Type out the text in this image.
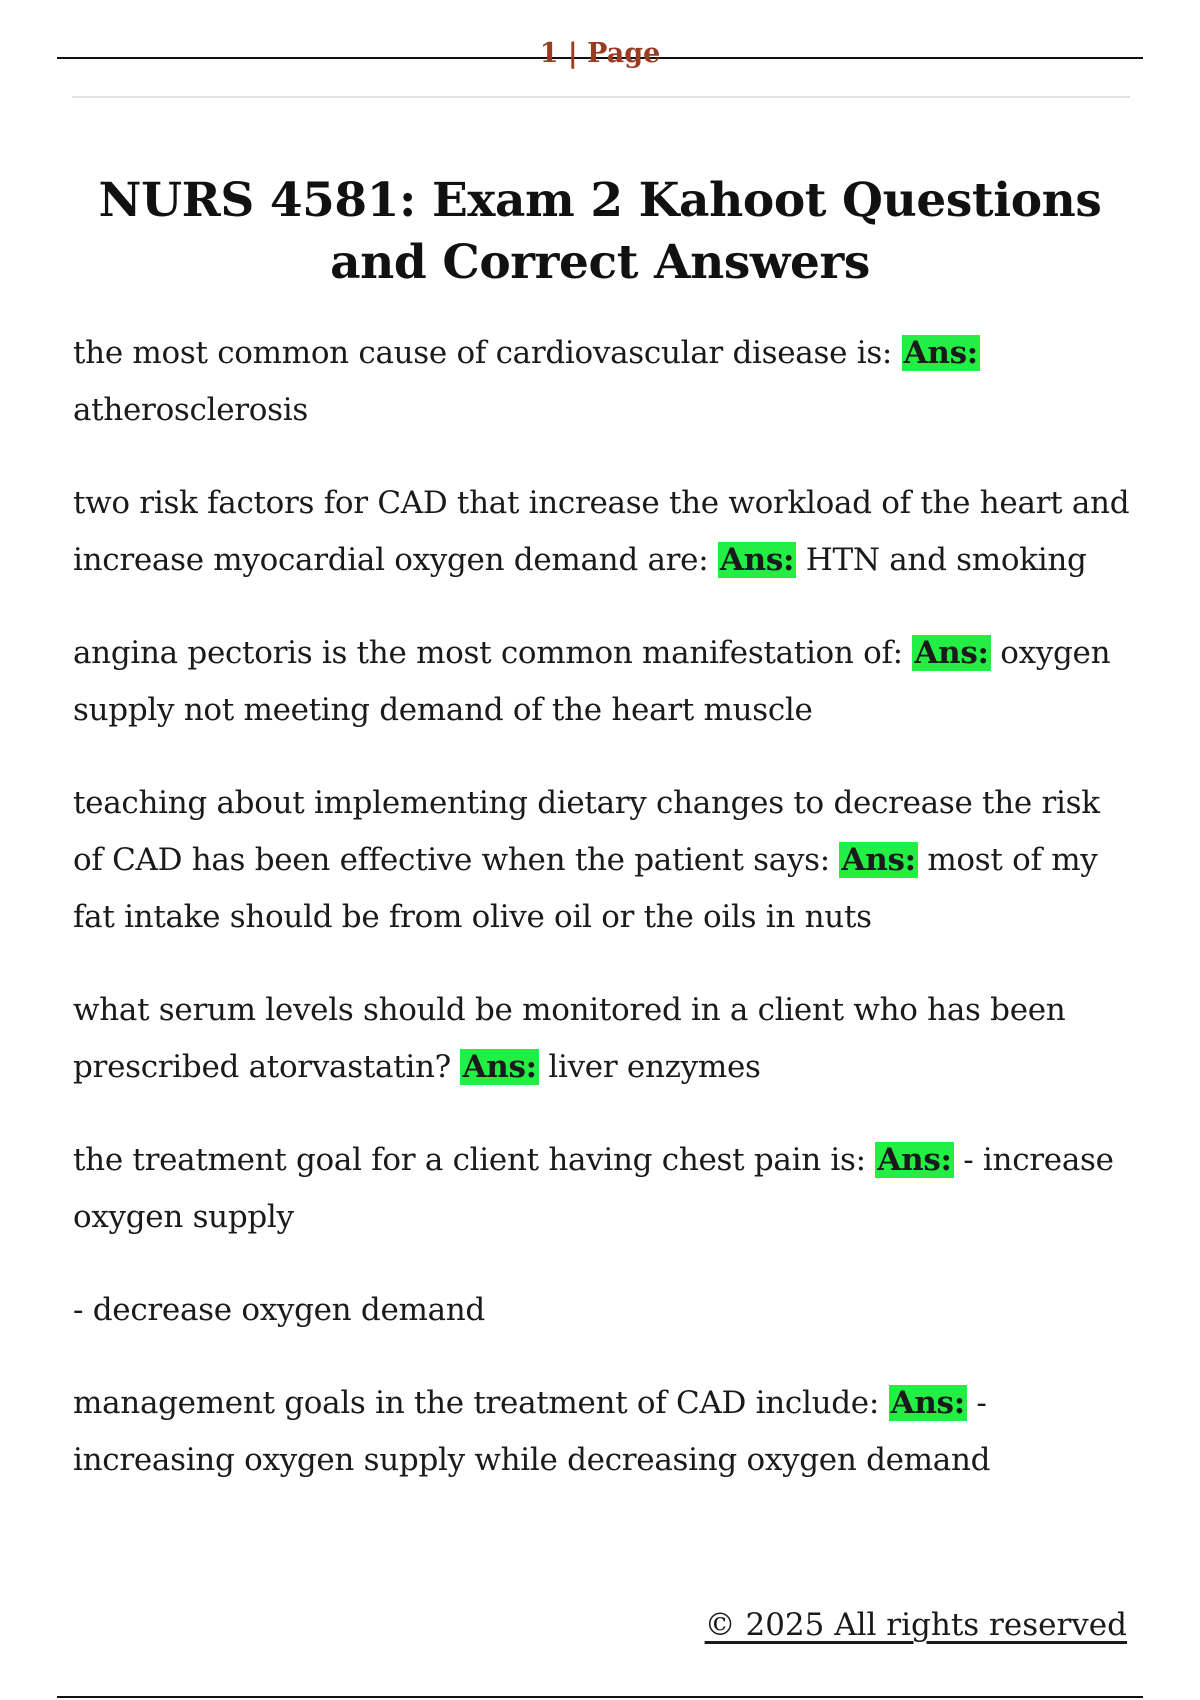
1 | Page
NURS 4581: Exam 2 Kahoot Questions and Correct Answers

the most common cause of cardiovascular disease is: Ans: atherosclerosis

two risk factors for CAD that increase the workload of the heart and increase myocardial oxygen demand are: Ans: HTN and smoking

angina pectoris is the most common manifestation of: Ans: oxygen supply not meeting demand of the heart muscle

teaching about implementing dietary changes to decrease the risk of CAD has been effective when the patient says: Ans: most of my fat intake should be from olive oil or the oils in nuts

what serum levels should be monitored in a client who has been prescribed atorvastatin? Ans: liver enzymes

the treatment goal for a client having chest pain is: Ans: - increase oxygen supply

- decrease oxygen demand

management goals in the treatment of CAD include: Ans: - increasing oxygen supply while decreasing oxygen demand

© 2025 All rights reserved
